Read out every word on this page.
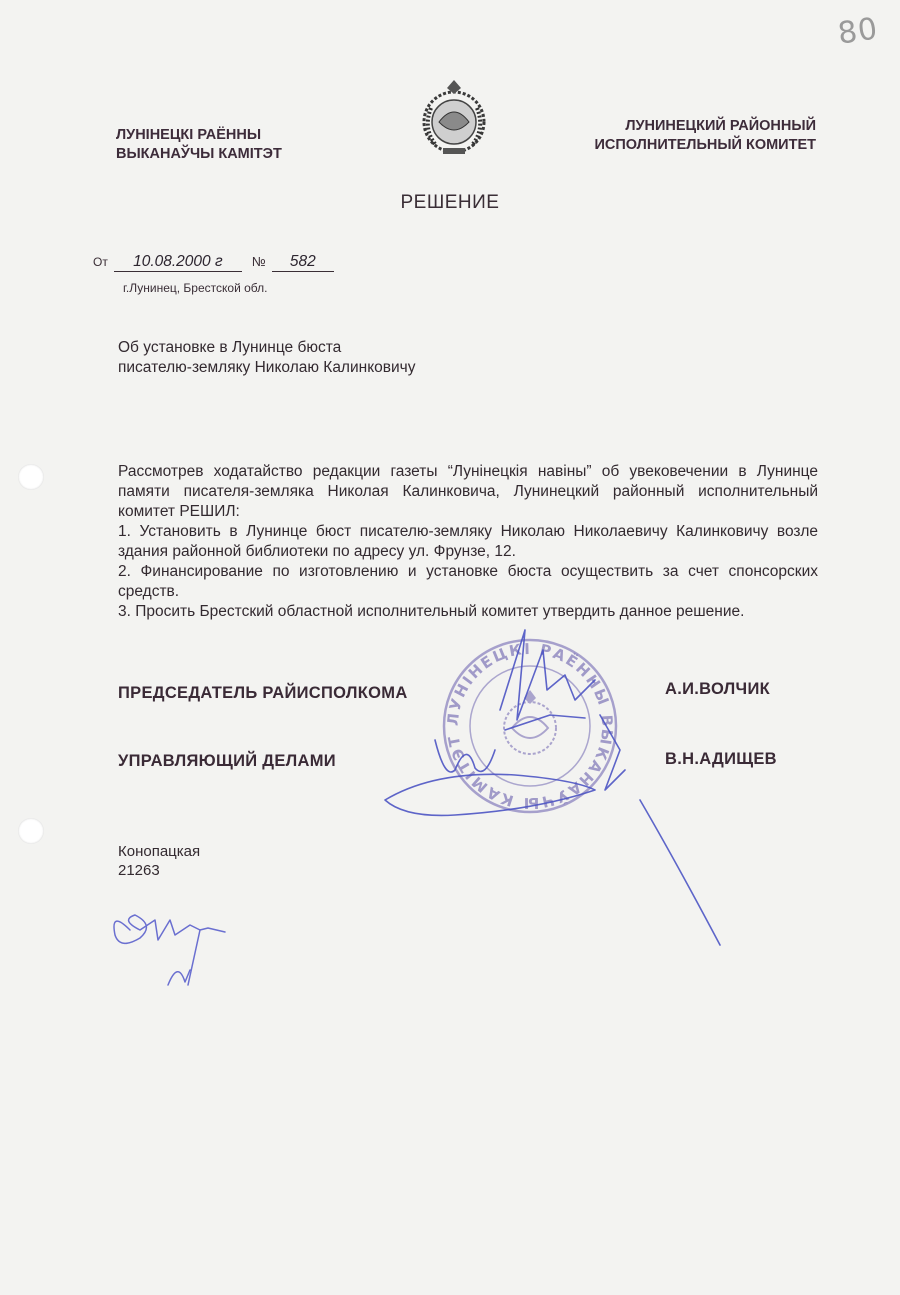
80
ЛУНІНЕЦКІ РАЁННЫ
ВЫКАНАЎЧЫ КАМІТЭТ
ЛУНИНЕЦКИЙ РАЙОННЫЙ
ИСПОЛНИТЕЛЬНЫЙ КОМИТЕТ
РЕШЕНИЕ
От 10.08.2000 г № 582
г.Лунинец, Брестской обл.
Об установке в Лунинце бюста
писателю-земляку Николаю Калинковичу

Рассмотрев ходатайство редакции газеты “Лунінецкія навіны” об увековечении в Лунинце памяти писателя-земляка Николая Калинковича, Лунинецкий районный исполнительный комитет РЕШИЛ:

1. Установить в Лунинце бюст писателю-земляку Николаю Николаевичу Калинковичу возле здания районной библиотеки по адресу ул. Фрунзе, 12.

2. Финансирование по изготовлению и установке бюста осуществить за счет спонсорских средств.

3. Просить Брестский областной исполнительный комитет утвердить данное решение.

ЛУНІНЕЦКІ РАЁННЫ ВЫКАНАЎЧЫ КАМІТЭТ
ПРЕДСЕДАТЕЛЬ РАЙИСПОЛКОМА	А.И.ВОЛЧИК
УПРАВЛЯЮЩИЙ ДЕЛАМИ	В.Н.АДИЩЕВ
Конопацкая
21263
